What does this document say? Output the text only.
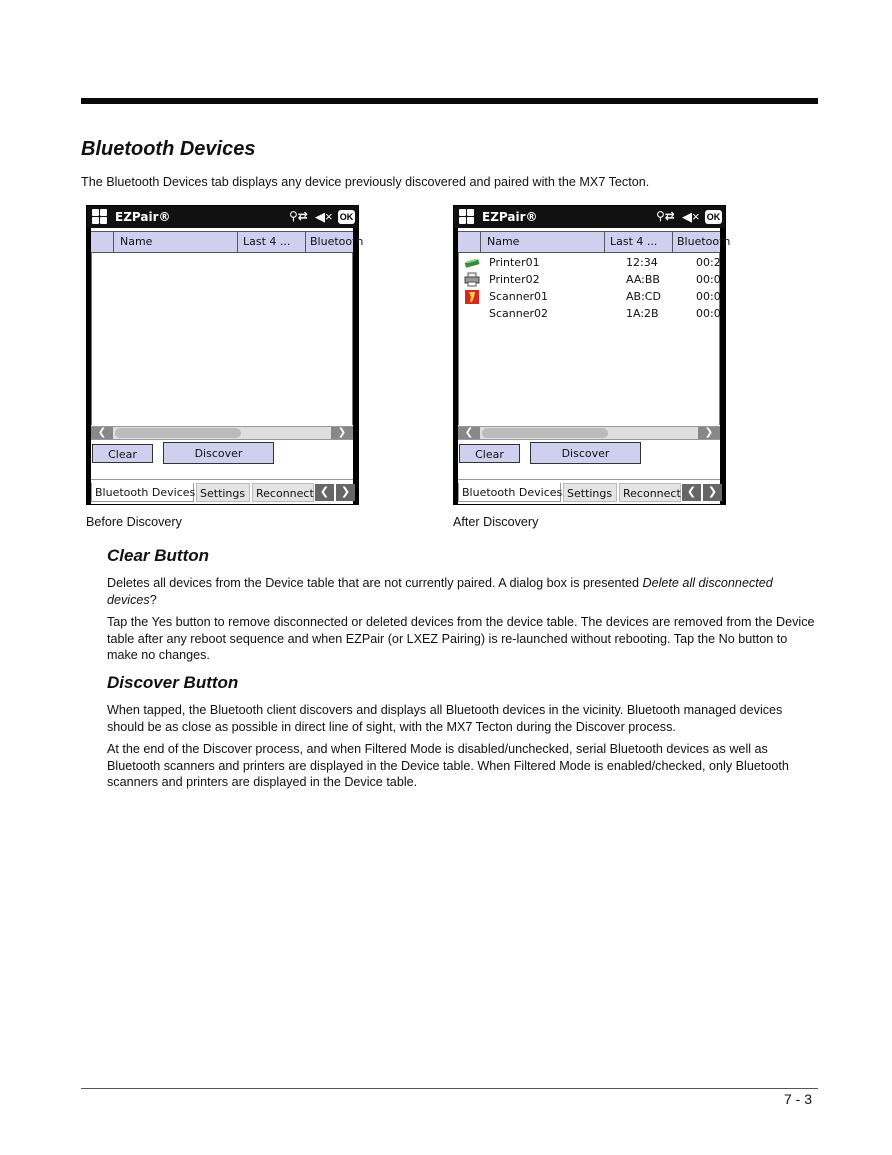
Bluetooth Devices

The Bluetooth Devices tab displays any device previously discovered and paired with the MX7 Tecton.

EZPair®	⚲⇄ ◀× OK
Name	Last 4 ...	Bluetooth
❮	❯
Clear	Discover
Bluetooth Devices Settings Reconnect ❮	❯
Before Discovery
EZPair®	⚲⇄ ◀× OK
Name	Last 4 ...	Bluetooth
Printer01	12:34	00:2
Printer02	AA:BB	00:0
Scanner01	AB:CD	00:0
Scanner02	1A:2B	00:0
❮	❯
Clear	Discover
Bluetooth Devices Settings Reconnect ❮	❯
After Discovery
Clear Button

Deletes all devices from the Device table that are not currently paired. A dialog box is presented Delete all disconnected devices?

Tap the Yes button to remove disconnected or deleted devices from the device table. The devices are removed from the Device table after any reboot sequence and when EZPair (or LXEZ Pairing) is re-launched without rebooting. Tap the No button to make no changes.

Discover Button

When tapped, the Bluetooth client discovers and displays all Bluetooth devices in the vicinity. Bluetooth managed devices should be as close as possible in direct line of sight, with the MX7 Tecton during the Discover process.

At the end of the Discover process, and when Filtered Mode is disabled/unchecked, serial Bluetooth devices as well as Bluetooth scanners and printers are displayed in the Device table. When Filtered Mode is enabled/checked, only Bluetooth scanners and printers are displayed in the Device table.

7 - 3
